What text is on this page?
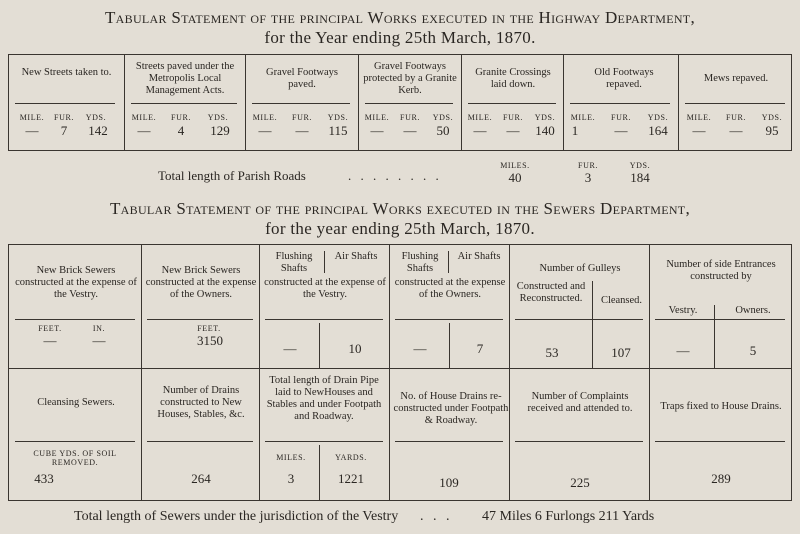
Tabular Statement of the principal Works executed in the Highway Department,
for the Year ending 25th March, 1870.
New Streets taken to.
MILE.	FUR.	YDS.
—	7	142
Streets paved under the Metropolis Local Management Acts.
MILE.	FUR.	YDS.
—	4	129
Gravel Footways paved.
MILE.	FUR.	YDS.
—	—	115
Gravel Footways protected by a Granite Kerb.
MILE.	FUR.	YDS.
—	—	50
Granite Crossings laid down.
MILE.	FUR.	YDS.
—	—	140
Old Footways repaved.
MILE.	FUR.	YDS.
1	—	164
Mews repaved.
MILE.	FUR.	YDS.
—	—	95
Total length of Parish Roads	. . . . . . . .
MILES.	FUR.	YDS.
40	3	184
Tabular Statement of the principal Works executed in the Sewers Department,
for the year ending 25th March, 1870.
New Brick Sewers constructed at the expense of the Vestry.
FEET.	IN.
—	—
New Brick Sewers constructed at the expense of the Owners.
FEET.
3150
Flushing Shafts
Air Shafts
constructed at the expense of the Vestry.
—	10
Flushing Shafts
Air Shafts
constructed at the expense of the Owners.
—	7
Number of Gulleys
Constructed and Reconstructed.	Cleansed.
53	107
Number of side Entrances constructed by
Vestry.	Owners.
—	5
Cleansing Sewers.
CUBE YDS. OF SOIL REMOVED.
433
Number of Drains constructed to New Houses, Stables, &c.
264
Total length of Drain Pipe laid to NewHouses and Stables and under Footpath and Roadway.
MILES.	YARDS.
3	1221
No. of House Drains re-constructed under Footpath & Roadway.
109
Number of Complaints received and attended to.
225
Traps fixed to House Drains.
289
Total length of Sewers under the jurisdiction of the Vestry . . . 47 Miles 6 Furlongs 211 Yards
